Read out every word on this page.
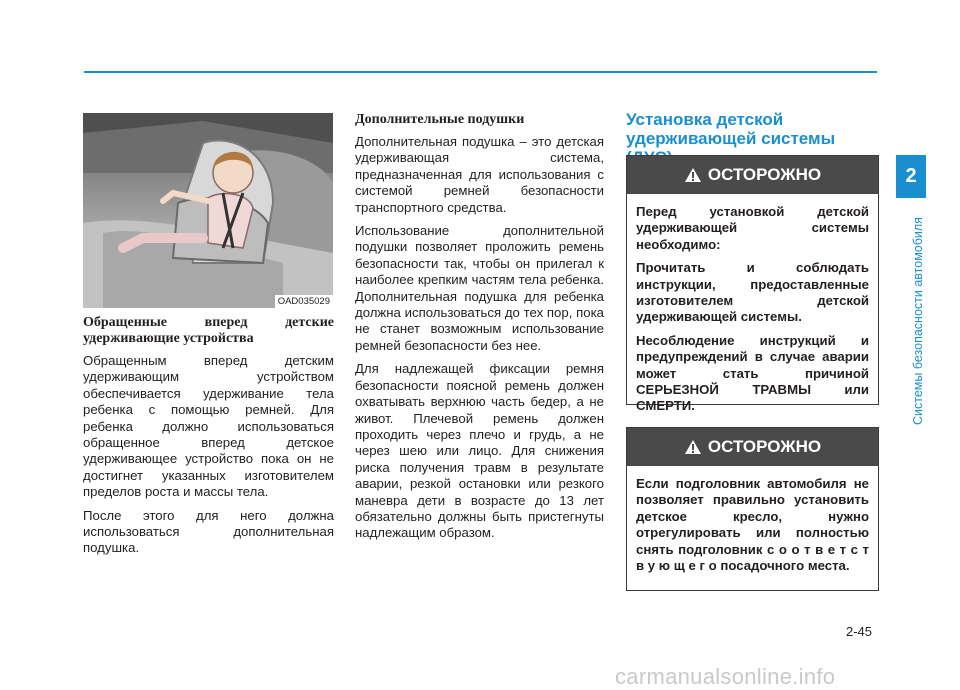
OAD035029
Обращенные вперед детские удерживающие устройства

Обращенным вперед детским удерживающим устройством обеспечивается удерживание тела ребенка с помощью ремней. Для ребенка должно использоваться обращенное вперед детское удерживающее устройство пока он не достигнет указанных изготовителем пределов роста и массы тела.

После этого для него должна использоваться дополнительная подушка.

Дополнительные подушки

Дополнительная подушка – это детская удерживающая система, предназначенная для использования с системой ремней безопасности транспортного средства.

Использование дополнительной подушки позволяет проложить ремень безопасности так, чтобы он прилегал к наиболее крепким частям тела ребенка. Дополнительная подушка для ребенка должна использоваться до тех пор, пока не станет возможным использование ремней безопасности без нее.

Для надлежащей фиксации ремня безопасности поясной ремень должен охватывать верхнюю часть бедер, а не живот. Плечевой ремень должен проходить через плечо и грудь, а не через шею или лицо. Для снижения риска получения травм в результате аварии, резкой остановки или резкого маневра дети в возрасте до 13 лет обязательно должны быть пристегнуты надлежащим образом.

Установка детской удерживающей системы
ОСТОРОЖНО

Перед установкой детской удерживающей системы необходимо:

Прочитать и соблюдать инструкции, предоставленные изготовителем детской удерживающей системы.

Несоблюдение инструкций и предупреждений в случае аварии может стать причиной СЕРЬЕЗНОЙ ТРАВМЫ или СМЕРТИ.

ОСТОРОЖНО

Если подголовник автомобиля не позволяет правильно установить детское кресло, нужно отрегулировать или полностью снять подголовник с о о т в е т с т в у ю щ е г о посадочного места.

2
Системы безопасности автомобиля
2-45
carmanualsonline.info
